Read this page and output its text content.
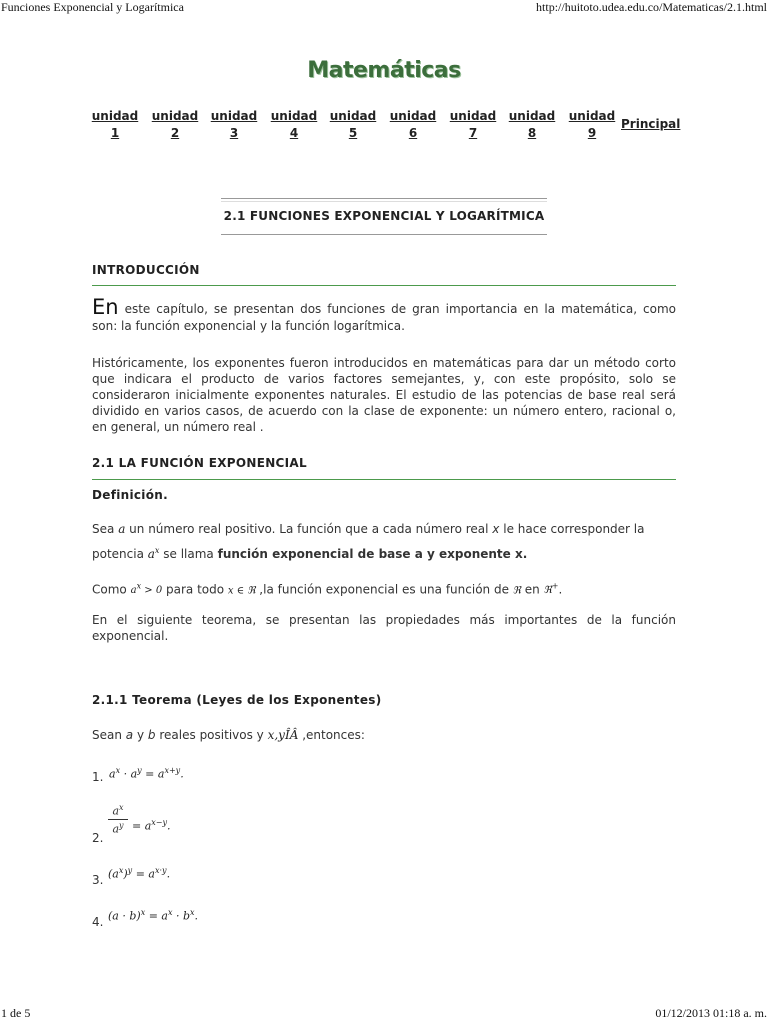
Funciones Exponencial y Logarítmica	http://huitoto.udea.edu.co/Matematicas/2.1.html
Matemáticas
unidad
1
unidad
2
unidad
3
unidad
4
unidad
5
unidad
6
unidad
7
unidad
8
unidad
9
Principal
2.1 FUNCIONES EXPONENCIAL Y LOGARÍTMICA
INTRODUCCIÓN

En este capítulo, se presentan dos funciones de gran importancia en la matemática, como son: la función exponencial y la función logarítmica.

Históricamente, los exponentes fueron introducidos en matemáticas para dar un método corto que indicara el producto de varios factores semejantes, y, con este propósito, solo se consideraron inicialmente exponentes naturales. El estudio de las potencias de base real será dividido en varios casos, de acuerdo con la clase de exponente: un número entero, racional o, en general, un número real .

2.1 LA FUNCIÓN EXPONENCIAL
Definición.

Sea a un número real positivo. La función que a cada número real x le hace corresponder la
potencia $a^x$ se llama función exponencial de base a y exponente x.

Como $a^x > 0$ para todo x ∈ ℜ ,la función exponencial es una función de ℜ en ℜ+.

En el siguiente teorema, se presentan las propiedades más importantes de la función exponencial.

2.1.1 Teorema (Leyes de los Exponentes)

Sean a y b reales positivos y x,yÎÂ ,entonces:

1. $a^x \cdot a^y = a^{x+y}$.
2.
$a^x$
$a^y = a^{x-y}$.
3. $(a^x)^y = a^{x\cdot y}$.
4. $(a \cdot b)^x = a^x \cdot b^x$.
1 de 5	01/12/2013 01:18 a. m.
